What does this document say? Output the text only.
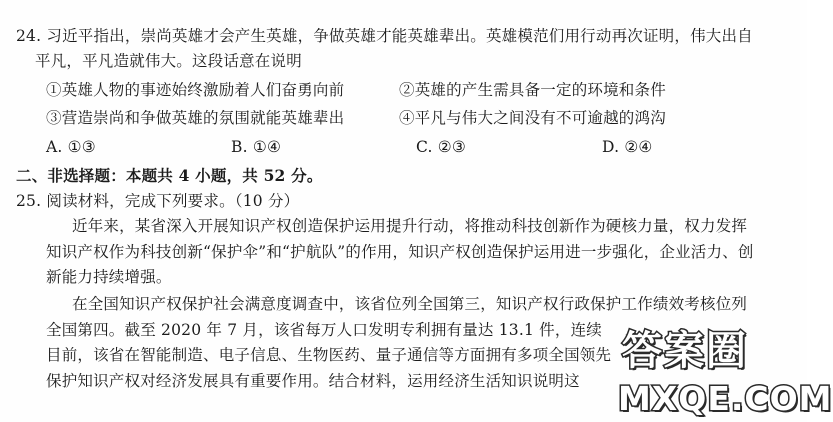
24. 习近平指出，崇尚英雄才会产生英雄，争做英雄才能英雄辈出。英雄模范们用行动再次证明，伟大出自
平凡，平凡造就伟大。这段话意在说明
①英雄人物的事迹始终激励着人们奋勇向前	②英雄的产生需具备一定的环境和条件
③营造崇尚和争做英雄的氛围就能英雄辈出	④平凡与伟大之间没有不可逾越的鸿沟
A. ①③	B. ①④	C. ②③	D. ②④
二、非选择题：本题共 4 小题，共 52 分。
25. 阅读材料，完成下列要求。（10 分）
近年来，某省深入开展知识产权创造保护运用提升行动，将推动科技创新作为硬核力量，权力发挥
知识产权作为科技创新“保护伞”和“护航队”的作用，知识产权创造保护运用进一步强化，企业活力、创
新能力持续增强。
在全国知识产权保护社会满意度调查中，该省位列全国第三，知识产权行政保护工作绩效考核位列
全国第四。截至 2020 年 7 月，该省每万人口发明专利拥有量达 13.1 件，连续
目前，该省在智能制造、电子信息、生物医药、量子通信等方面拥有多项全国领先
保护知识产权对经济发展具有重要作用。结合材料，运用经济生活知识说明这
答案圈
MXQE.COM
